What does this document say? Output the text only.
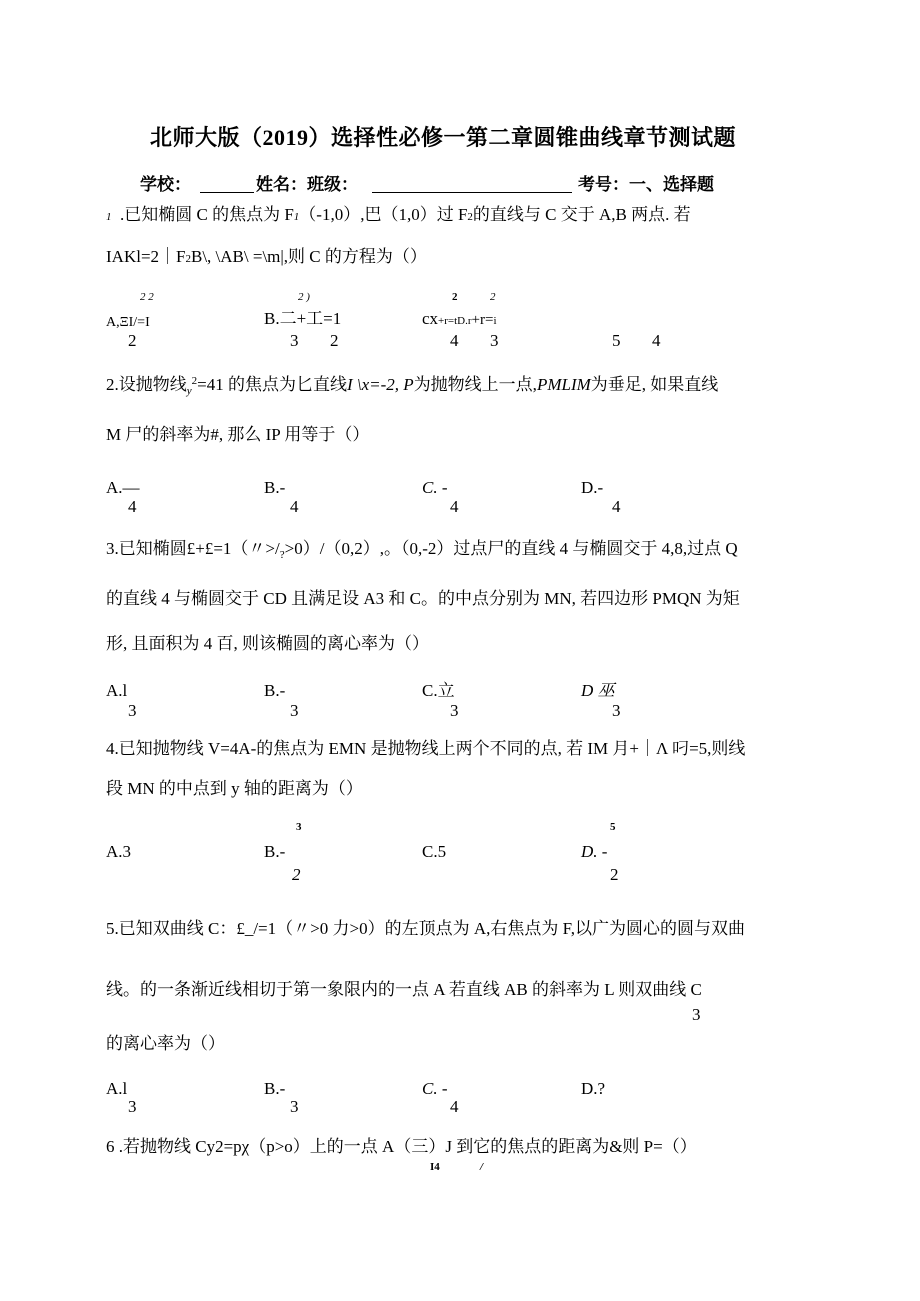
北师大版（2019）选择性必修一第二章圆锥曲线章节测试题
学校：	姓名：班级：	考号：一、选择题
1 .已知椭圆 C 的焦点为 F1（-1,0）,巴（1,0）过 F2的直线与 C 交于 A,B 两点. 若
IAKl=2｜F2B\, \AB\ =\m|,则 C 的方程为（）
2 2	2 )	2	2
A,ΞI/=I	B.二+工=1	cx+r=tD.r+r=i
2	3 2	4 3	5 4
2.设抛物线$_y^2$=41 的焦点为匕直线I \x=-2, P为抛物线上一点,PMLIM为垂足, 如果直线
M 尸的斜率为#, 那么 IP 用等于（）
A.—	B.-	C. -	D.-
4	4	4	4
3.已知椭圆£+£=1（〃$>/_?>0)/(0,2)$,。（0,-2）过点尸的直线 4 与椭圆交于 4,8,过点 Q
的直线 4 与椭圆交于 CD 且满足设 A3 和 C。的中点分别为 MN, 若四边形 PMQN 为矩
形, 且面积为 4 百, 则该椭圆的离心率为（）
A.l	B.-	C.立	D 巫
3	3	3	3
4.已知抛物线 V=4A-的焦点为 EMN 是抛物线上两个不同的点, 若 IM 月+｜Λ 叼=5,则线
段 MN 的中点到 y 轴的距离为（）
3	5
A.3	B.-	C.5	D. -
2	2
5.已知双曲线 C：£_/=1（〃>0 力>0）的左顶点为 A,右焦点为 F,以广为圆心的圆与双曲
线。的一条渐近线相切于第一象限内的一点 A 若直线 AB 的斜率为 L 则双曲线 C
3
的离心率为（）
A.l	B.-	C. -	D.?
3	3	4
6 .若抛物线 Cy2=pχ（p>o）上的一点 A（三）J 到它的焦点的距离为&则 P=（）
I4	/
